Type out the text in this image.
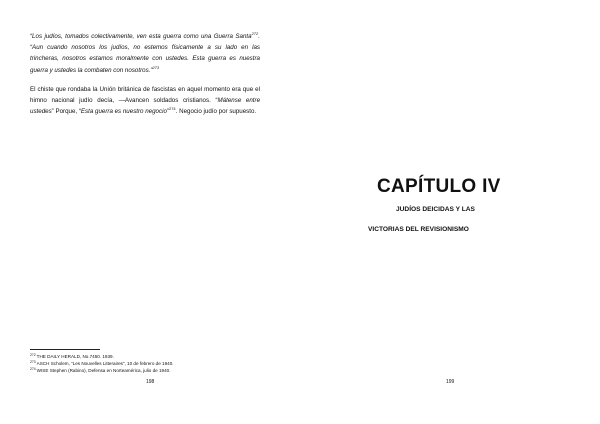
“Los judíos, tomados colectivamente, ven esta guerra como una Guerra Santa$^{272}$. “Aun cuando nosotros los judíos, no estemos físicamente a su lado en las trincheras, nosotros estamos moralmente con ustedes. Esta guerra es nuestra guerra y ustedes la combaten con nosotros.”$^{273}$
El chiste que rondaba la Unión británica de fascistas en aquel momento era que el himno nacional judío decía, —Avancen soldados cristianos. “Mátense entre ustedes” Porque, “Esta guerra es nuestro negocio”$^{274}$. Negocio judío por supuesto.
$^{272}$THE DAILY HERALD, No.7450. 1939.
$^{273}$ASCH Scholem, “Les Nouvelles Litteraires”, 10 de febrero de 1940.
$^{274}$WISE Stephen (Rabino), Defensa en Norteamérica, julio de 1940.
198
CAPÍTULO IV
JUDÍOS DEICIDAS Y LAS
VICTORIAS DEL REVISIONISMO
199
